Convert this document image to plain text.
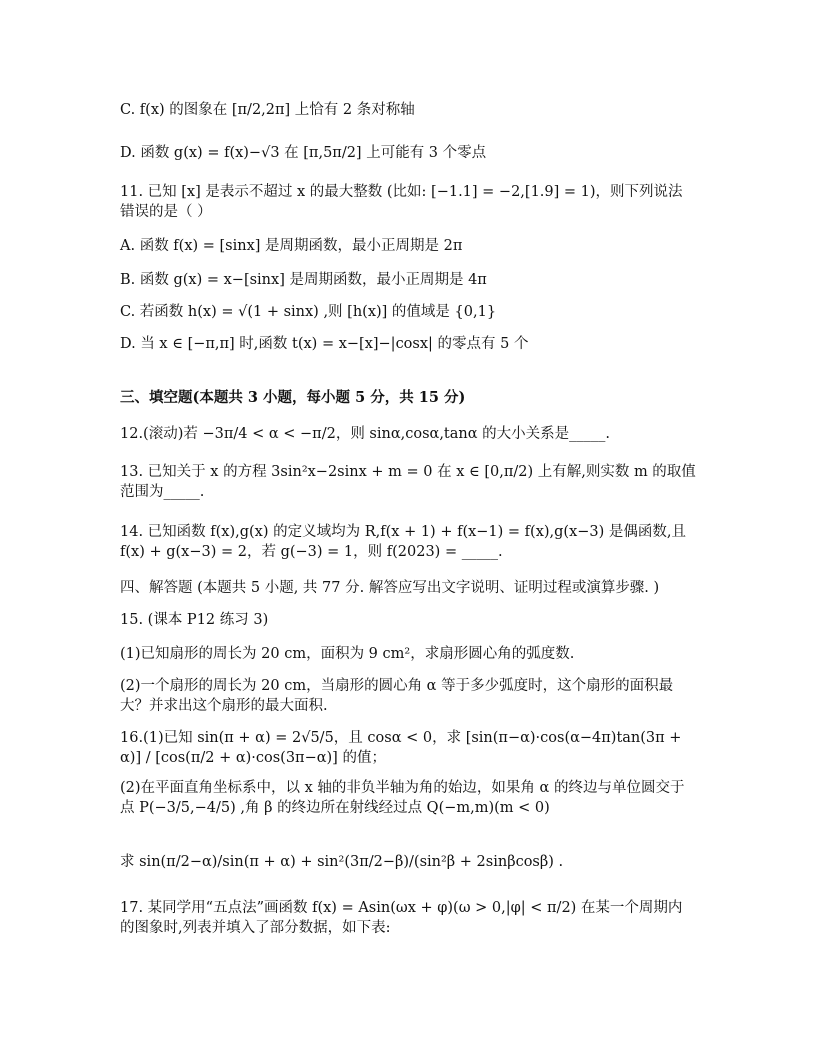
C. f(x) 的图象在 [π/2,2π] 上恰有 2 条对称轴
D. 函数 g(x) = f(x)−√3 在 [π,5π/2] 上可能有 3 个零点
11. 已知 [x] 是表示不超过 x 的最大整数 (比如: [−1.1] = −2,[1.9] = 1)，则下列说法错误的是（ ）
A. 函数 f(x) = [sinx] 是周期函数，最小正周期是 2π
B. 函数 g(x) = x−[sinx] 是周期函数，最小正周期是 4π
C. 若函数 h(x) = √(1 + sinx) ,则 [h(x)] 的值域是 {0,1}
D. 当 x ∈ [−π,π] 时,函数 t(x) = x−[x]−|cosx| 的零点有 5 个
三、填空题(本题共 3 小题，每小题 5 分，共 15 分)
12.(滚动)若 −3π/4 < α < −π/2，则 sinα,cosα,tanα 的大小关系是_____.
13. 已知关于 x 的方程 3sin²x−2sinx + m = 0 在 x ∈ [0,π/2) 上有解,则实数 m 的取值范围为_____.
14. 已知函数 f(x),g(x) 的定义域均为 R,f(x + 1) + f(x−1) = f(x),g(x−3) 是偶函数,且 f(x) + g(x−3) = 2，若 g(−3) = 1，则 f(2023) = _____.
四、解答题 (本题共 5 小题, 共 77 分. 解答应写出文字说明、证明过程或演算步骤. )
15. (课本 P12 练习 3)
(1)已知扇形的周长为 20 cm，面积为 9 cm²，求扇形圆心角的弧度数.
(2)一个扇形的周长为 20 cm，当扇形的圆心角 α 等于多少弧度时，这个扇形的面积最大？并求出这个扇形的最大面积.
16.(1)已知 sin(π + α) = 2√5/5，且 cosα < 0，求 [sin(π−α)·cos(α−4π)tan(3π + α)] / [cos(π/2 + α)·cos(3π−α)] 的值；
(2)在平面直角坐标系中，以 x 轴的非负半轴为角的始边，如果角 α 的终边与单位圆交于点 P(−3/5,−4/5) ,角 β 的终边所在射线经过点 Q(−m,m)(m < 0)
求 sin(π/2−α)/sin(π + α) + sin²(3π/2−β)/(sin²β + 2sinβcosβ) .
17. 某同学用“五点法”画函数 f(x) = Asin(ωx + φ)(ω > 0,|φ| < π/2) 在某一个周期内的图象时,列表并填入了部分数据，如下表:
